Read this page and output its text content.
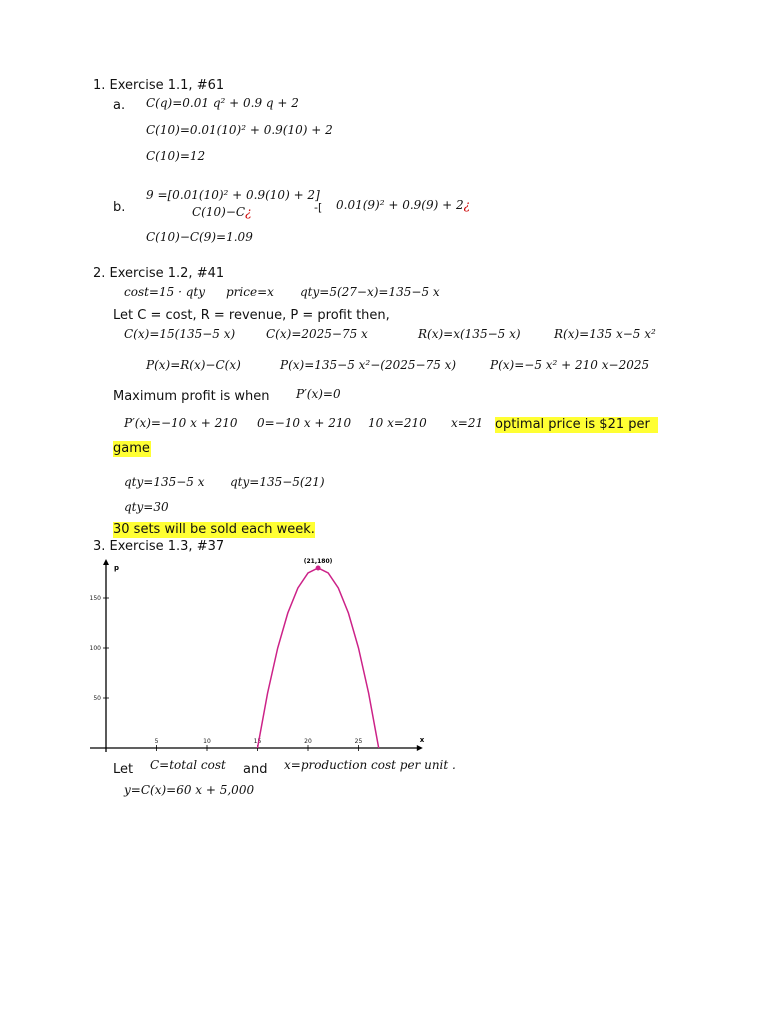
1. Exercise 1.1, #61
a. C(q)=0.01 q² + 0.9 q + 2
C(10)=0.01(10)² + 0.9(10) + 2
C(10)=12
9 =[0.01(10)² + 0.9(10) + 2]
b.	C(10)−C¿	-[ 0.01(9)² + 0.9(9) + 2¿
C(10)−C(9)=1.09
2. Exercise 1.2, #41
cost=15 · qty price=x qty=5(27−x)=135−5 x
Let C = cost, R = revenue, P = profit then,
C(x)=15(135−5 x)	C(x)=2025−75 x	R(x)=x(135−5 x)	R(x)=135 x−5 x²
P(x)=R(x)−C(x)	P(x)=135−5 x²−(2025−75 x)	P(x)=−5 x² + 210 x−2025
Maximum profit is when P′(x)=0
P′(x)=−10 x + 210 0=−10 x + 210 10 x=210 x=21 optimal price is $21 per
game
qty=135−5 x qty=135−5(21)
qty=30
30 sets will be sold each week.
3. Exercise 1.3, #37
5	10	15	20	25
50
100
150
(21,180)
p
x
Let C=total cost and x=production cost per unit .
y=C(x)=60 x + 5,000
